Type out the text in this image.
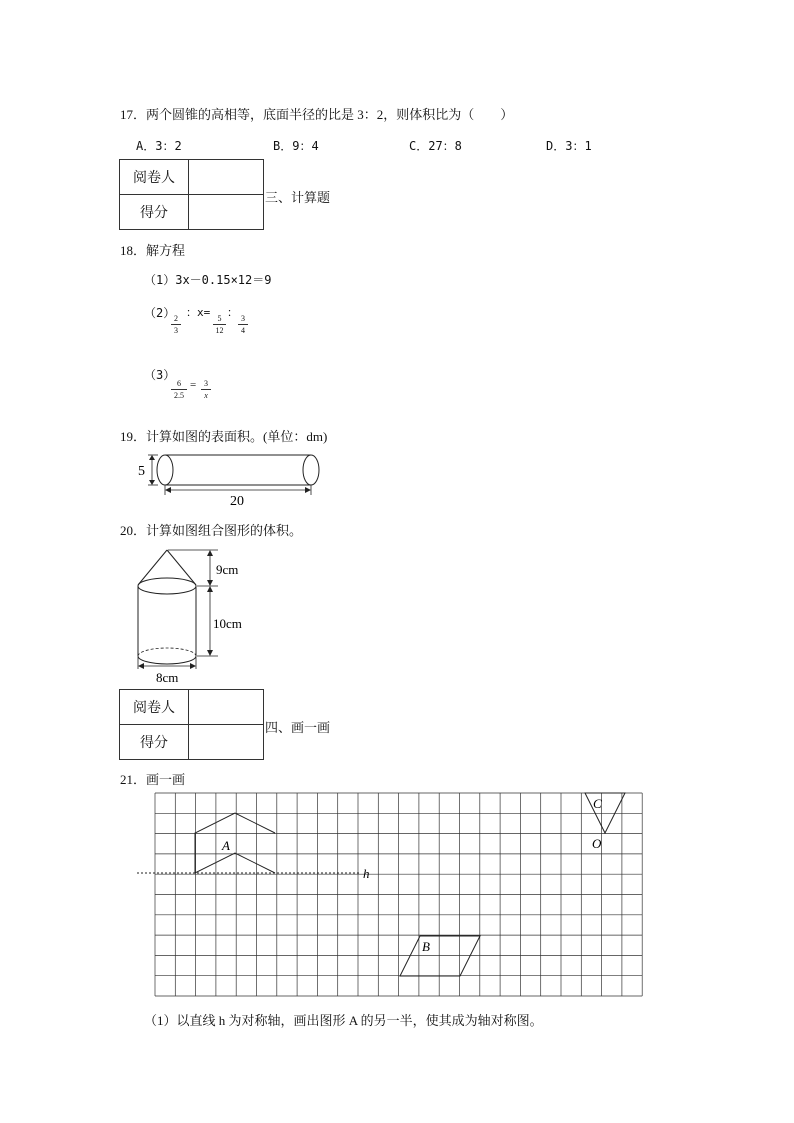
17．两个圆锥的高相等，底面半径的比是 3：2，则体积比为（　　）
A．3：2	B．9：4	C．27：8	D．3：1
阅卷人	
得分	
三、计算题
18．解方程
（1）3x－0.15×12＝9
（2）
$\frac{2}{3}$
：x=
$\frac{5}{12}$
：
$\frac{3}{4}$
（3）
$\frac{6}{2.5} = \frac{3}{x}$
19．计算如图的表面积。(单位：dm)
5
20
20．计算如图组合图形的体积。
9cm
10cm
8cm
阅卷人	
得分	
四、画一画
21．画一画
A
h
C
O
B
（1）以直线 h 为对称轴，画出图形 A 的另一半，使其成为轴对称图。
